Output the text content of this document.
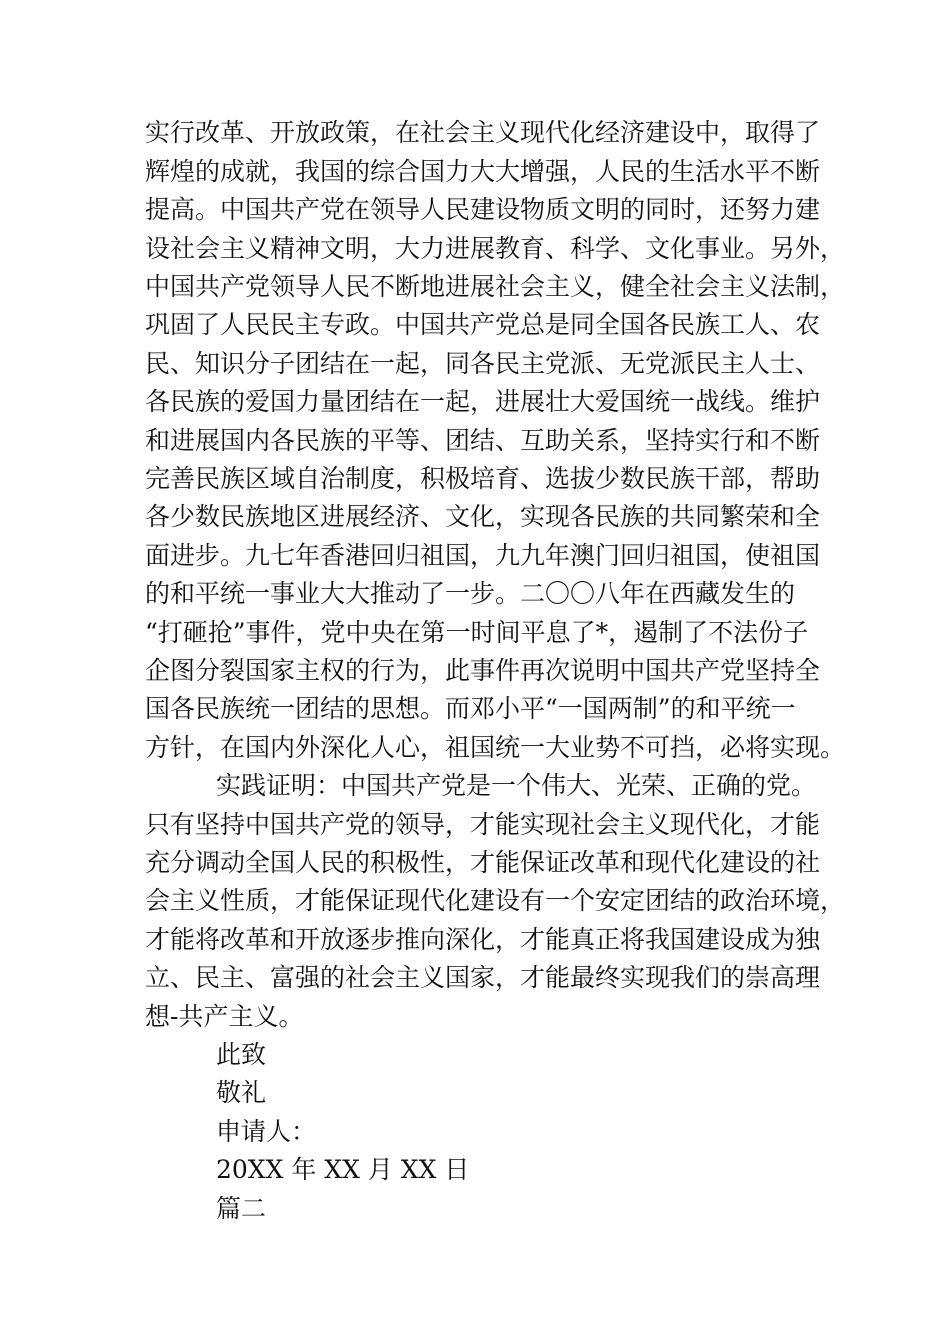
实行改革、开放政策，在社会主义现代化经济建设中，取得了
辉煌的成就，我国的综合国力大大增强，人民的生活水平不断
提高。中国共产党在领导人民建设物质文明的同时，还努力建
设社会主义精神文明，大力进展教育、科学、文化事业。另外，
中国共产党领导人民不断地进展社会主义，健全社会主义法制，
巩固了人民民主专政。中国共产党总是同全国各民族工人、农
民、知识分子团结在一起，同各民主党派、无党派民主人士、
各民族的爱国力量团结在一起，进展壮大爱国统一战线。维护
和进展国内各民族的平等、团结、互助关系，坚持实行和不断
完善民族区域自治制度，积极培育、选拔少数民族干部，帮助
各少数民族地区进展经济、文化，实现各民族的共同繁荣和全
面进步。九七年香港回归祖国，九九年澳门回归祖国，使祖国
的和平统一事业大大推动了一步。二〇〇八年在西藏发生的
“打砸抢”事件，党中央在第一时间平息了*，遏制了不法份子
企图分裂国家主权的行为，此事件再次说明中国共产党坚持全
国各民族统一团结的思想。而邓小平“一国两制”的和平统一
方针，在国内外深化人心，祖国统一大业势不可挡，必将实现。
实践证明：中国共产党是一个伟大、光荣、正确的党。
只有坚持中国共产党的领导，才能实现社会主义现代化，才能
充分调动全国人民的积极性，才能保证改革和现代化建设的社
会主义性质，才能保证现代化建设有一个安定团结的政治环境，
才能将改革和开放逐步推向深化，才能真正将我国建设成为独
立、民主、富强的社会主义国家，才能最终实现我们的崇高理
想-共产主义。
此致
敬礼
申请人：
20XX 年 XX 月 XX 日
篇二
